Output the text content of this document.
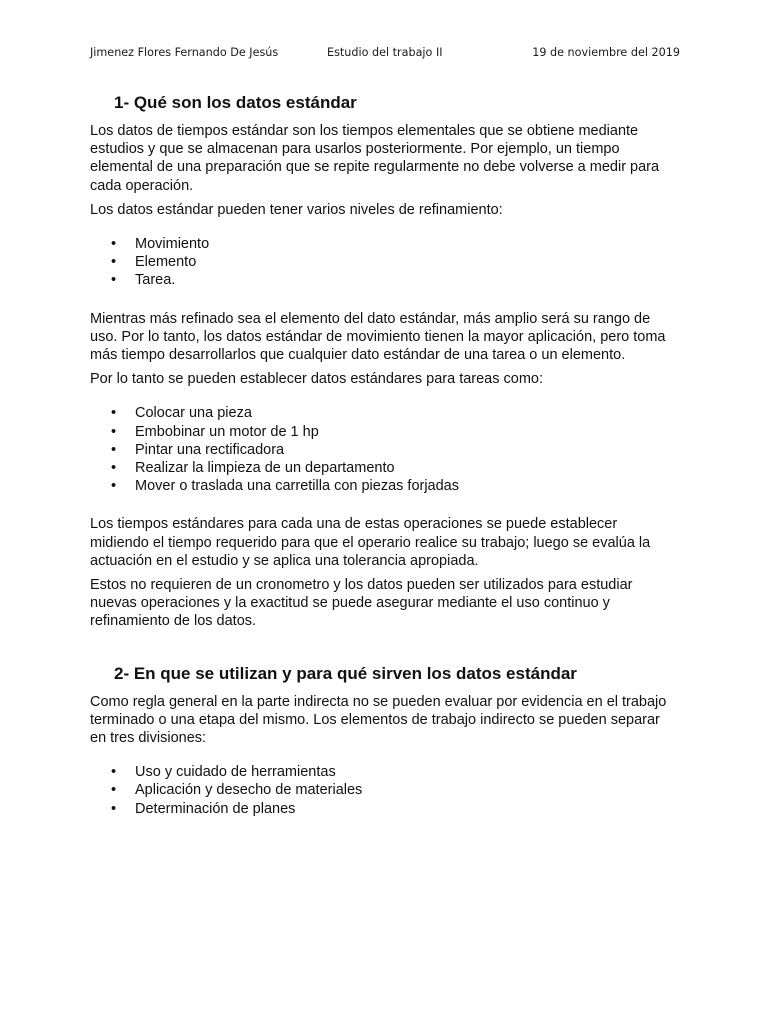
Jimenez Flores Fernando De Jesús	Estudio del trabajo II	19 de noviembre del 2019
1- Qué son los datos estándar

Los datos de tiempos estándar son los tiempos elementales que se obtiene mediante estudios y que se almacenan para usarlos posteriormente. Por ejemplo, un tiempo elemental de una preparación que se repite regularmente no debe volverse a medir para cada operación.

Los datos estándar pueden tener varios niveles de refinamiento:

• Movimiento
• Elemento
• Tarea.

Mientras más refinado sea el elemento del dato estándar, más amplio será su rango de uso. Por lo tanto, los datos estándar de movimiento tienen la mayor aplicación, pero toma más tiempo desarrollarlos que cualquier dato estándar de una tarea o un elemento.

Por lo tanto se pueden establecer datos estándares para tareas como:

• Colocar una pieza
• Embobinar un motor de 1 hp
• Pintar una rectificadora
• Realizar la limpieza de un departamento
• Mover o traslada una carretilla con piezas forjadas

Los tiempos estándares para cada una de estas operaciones se puede establecer midiendo el tiempo requerido para que el operario realice su trabajo; luego se evalúa la actuación en el estudio y se aplica una tolerancia apropiada.

Estos no requieren de un cronometro y los datos pueden ser utilizados para estudiar nuevas operaciones y la exactitud se puede asegurar mediante el uso continuo y refinamiento de los datos.

2- En que se utilizan y para qué sirven los datos estándar

Como regla general en la parte indirecta no se pueden evaluar por evidencia en el trabajo terminado o una etapa del mismo. Los elementos de trabajo indirecto se pueden separar en tres divisiones:

• Uso y cuidado de herramientas
• Aplicación y desecho de materiales
• Determinación de planes
